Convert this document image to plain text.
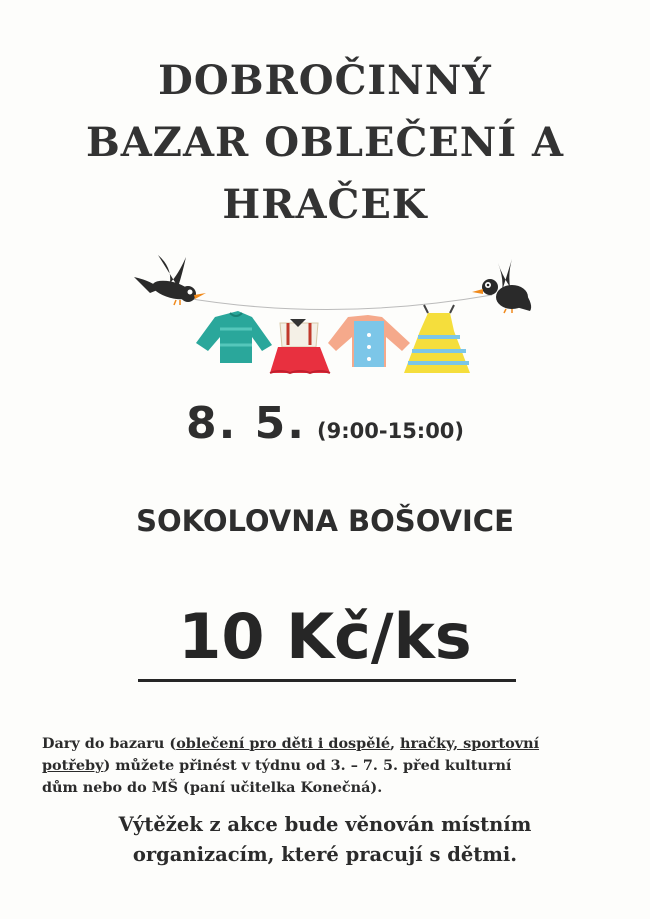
DOBROČINNÝ
BAZAR OBLEČENÍ A
HRAČEK
8. 5. (9:00-15:00)
SOKOLOVNA BOŠOVICE
10 Kč/ks
Dary do bazaru (oblečení pro děti i dospělé, hračky, sportovní
potřeby) můžete přinést v týdnu od 3. – 7. 5. před kulturní
dům nebo do MŠ (paní učitelka Konečná).
Výtěžek z akce bude věnován místním
organizacím, které pracují s dětmi.
